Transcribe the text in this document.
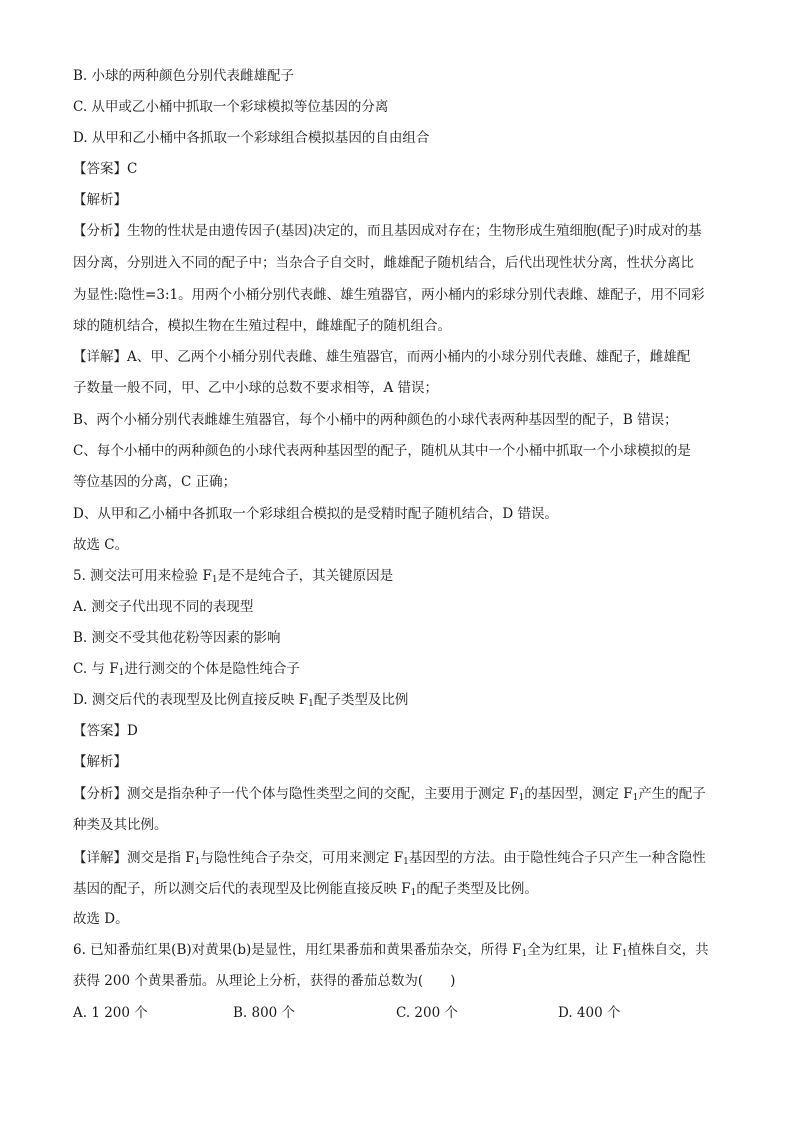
B. 小球的两种颜色分别代表雌雄配子
C. 从甲或乙小桶中抓取一个彩球模拟等位基因的分离
D. 从甲和乙小桶中各抓取一个彩球组合模拟基因的自由组合
【答案】C
【解析】
【分析】生物的性状是由遗传因子(基因)决定的，而且基因成对存在；生物形成生殖细胞(配子)时成对的基
因分离，分别进入不同的配子中；当杂合子自交时，雌雄配子随机结合，后代出现性状分离，性状分离比
为显性:隐性=3:1。用两个小桶分别代表雌、雄生殖器官，两小桶内的彩球分别代表雌、雄配子，用不同彩
球的随机结合，模拟生物在生殖过程中，雌雄配子的随机组合。
【详解】A、甲、乙两个小桶分别代表雌、雄生殖器官，而两小桶内的小球分别代表雌、雄配子，雌雄配
子数量一般不同，甲、乙中小球的总数不要求相等，A 错误；
B、两个小桶分别代表雌雄生殖器官，每个小桶中的两种颜色的小球代表两种基因型的配子，B 错误；
C、每个小桶中的两种颜色的小球代表两种基因型的配子，随机从其中一个小桶中抓取一个小球模拟的是
等位基因的分离，C 正确；
D、从甲和乙小桶中各抓取一个彩球组合模拟的是受精时配子随机结合，D 错误。
故选 C。
5. 测交法可用来检验 $F_1$是不是纯合子，其关键原因是
A. 测交子代出现不同的表现型
B. 测交不受其他花粉等因素的影响
C. 与 $F_1$进行测交的个体是隐性纯合子
D. 测交后代的表现型及比例直接反映 $F_1$配子类型及比例
【答案】D
【解析】
【分析】测交是指杂种子一代个体与隐性类型之间的交配，主要用于测定 $F_1$的基因型，测定 $F_1$产生的配子
种类及其比例。
【详解】测交是指 $F_1$与隐性纯合子杂交，可用来测定 $F_1$基因型的方法。由于隐性纯合子只产生一种含隐性
基因的配子，所以测交后代的表现型及比例能直接反映 $F_1$的配子类型及比例。
故选 D。
6. 已知番茄红果(B)对黄果(b)是显性，用红果番茄和黄果番茄杂交，所得 $F_1$全为红果，让 $F_1$植株自交，共
获得 200 个黄果番茄。从理论上分析，获得的番茄总数为(　　)
A. 1 200 个	B. 800 个	C. 200 个	D. 400 个
